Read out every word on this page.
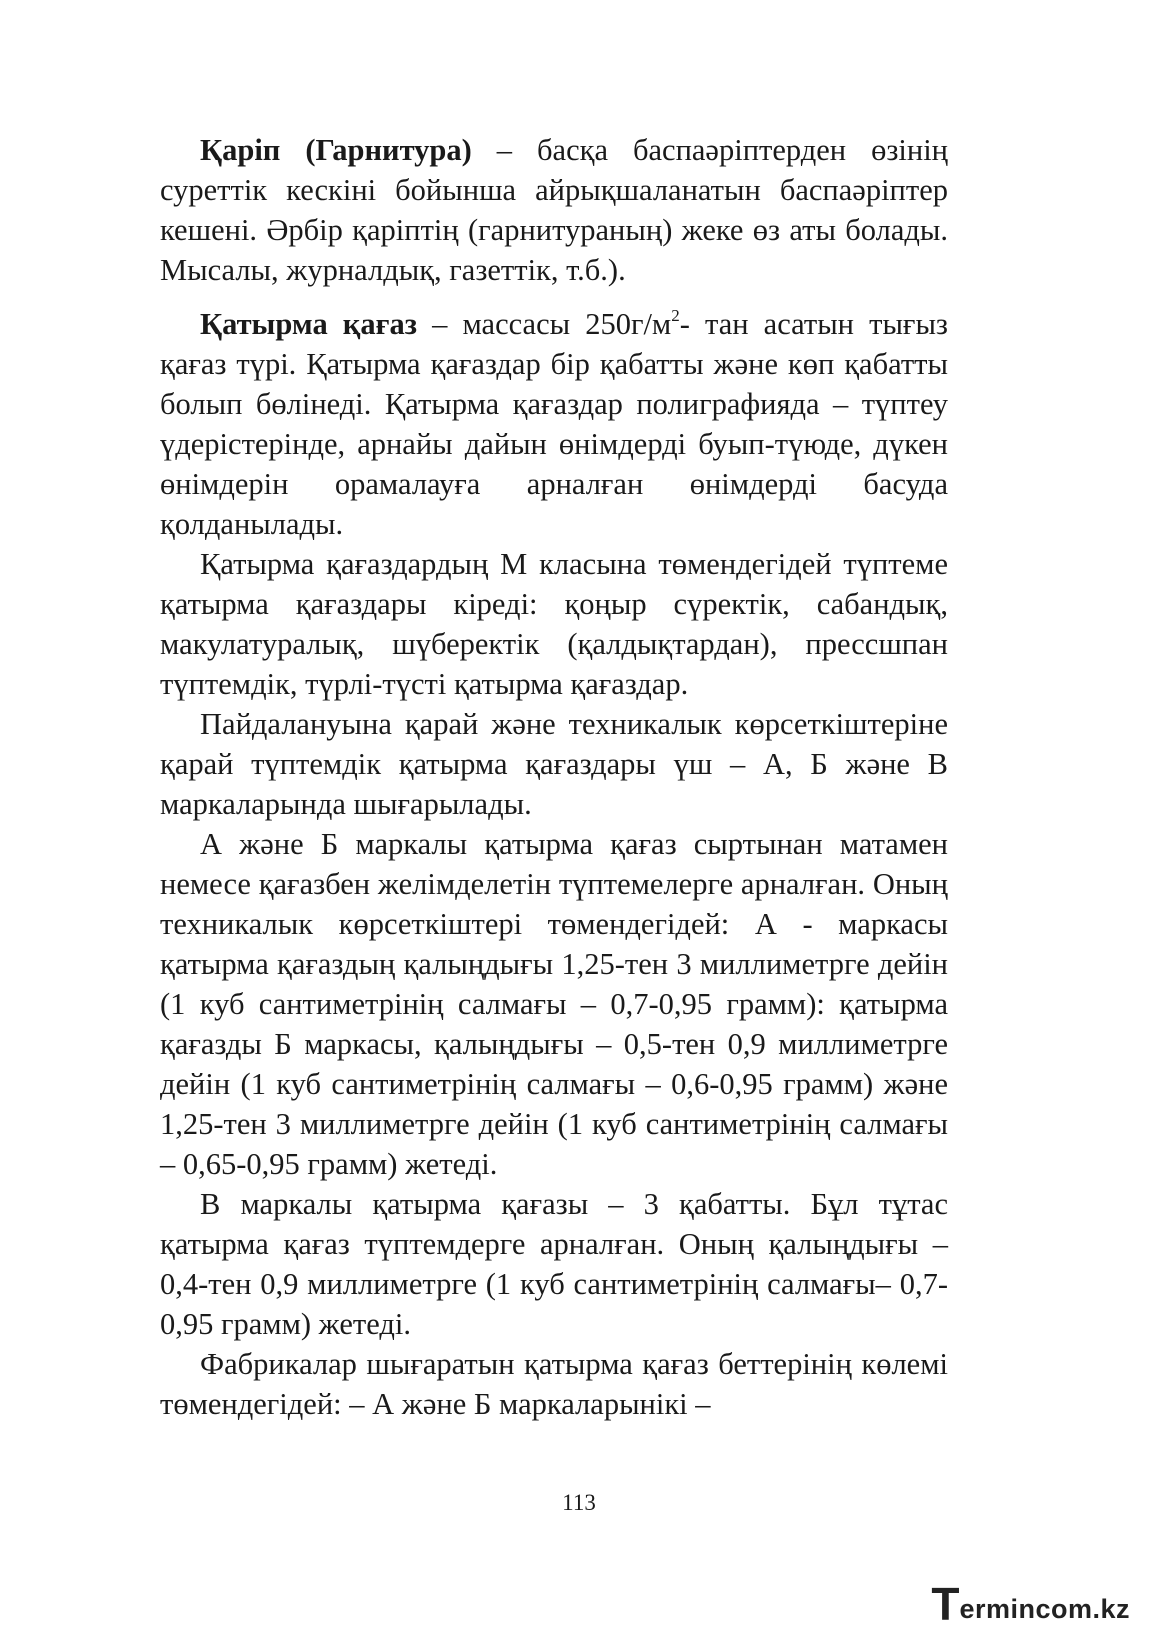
Қаріп (Гарнитура) – басқа баспаәріптерден өзінің суреттік кескіні бойынша айрықшаланатын баспаәріптер кешені. Әрбір қаріптің (гарнитураның) жеке өз аты болады. Мысалы, журналдық, газеттік, т.б.).

Қатырма қағаз – массасы $250г/м^2-$ тан асатын тығыз қағаз түрі. Қатырма қағаздар бір қабатты және көп қабатты болып бөлінеді. Қатырма қағаздар полиграфияда – түптеу үдерістерінде, арнайы дайын өнімдерді буып-түюде, дүкен өнімдерін орамалауға арналған өнімдерді басуда қолданылады.

Қатырма қағаздардың М класына төмендегідей түптеме қатырма қағаздары кіреді: қоңыр сүректік, сабандық, макулатуралық, шүберектік (қалдықтардан), прессшпан түптемдік, түрлі-түсті қатырма қағаздар.

Пайдалануына қарай және техникалык көрсеткіштеріне қарай түптемдік қатырма қағаздары үш – А, Б және В маркаларында шығарылады.

А және Б маркалы қатырма қағаз сыртынан матамен немесе қағазбен желімделетін түптемелерге арналған. Оның техникалык көрсеткіштері төмендегідей: А - маркасы қатырма қағаздың қалыңдығы 1,25-тен 3 миллиметрге дейін (1 куб сантиметрінің салмағы – 0,7-0,95 грамм): қатырма қағазды Б маркасы, қалыңдығы – 0,5-тен 0,9 миллиметрге дейін (1 куб сантиметрінің салмағы – 0,6-0,95 грамм) және 1,25-тен 3 миллиметрге дейін (1 куб сантиметрінің салмағы – 0,65-0,95 грамм) жетеді.

В маркалы қатырма қағазы – 3 қабатты. Бұл тұтас қатырма қағаз түптемдерге арналған. Оның қалыңдығы – 0,4-тен 0,9 миллиметрге (1 куб сантиметрінің салмағы– 0,7-0,95 грамм) жетеді.

Фабрикалар шығаратын қатырма қағаз беттерінің көлемі төмендегідей: – А және Б маркаларынікі –

113
T ermincom.kz
